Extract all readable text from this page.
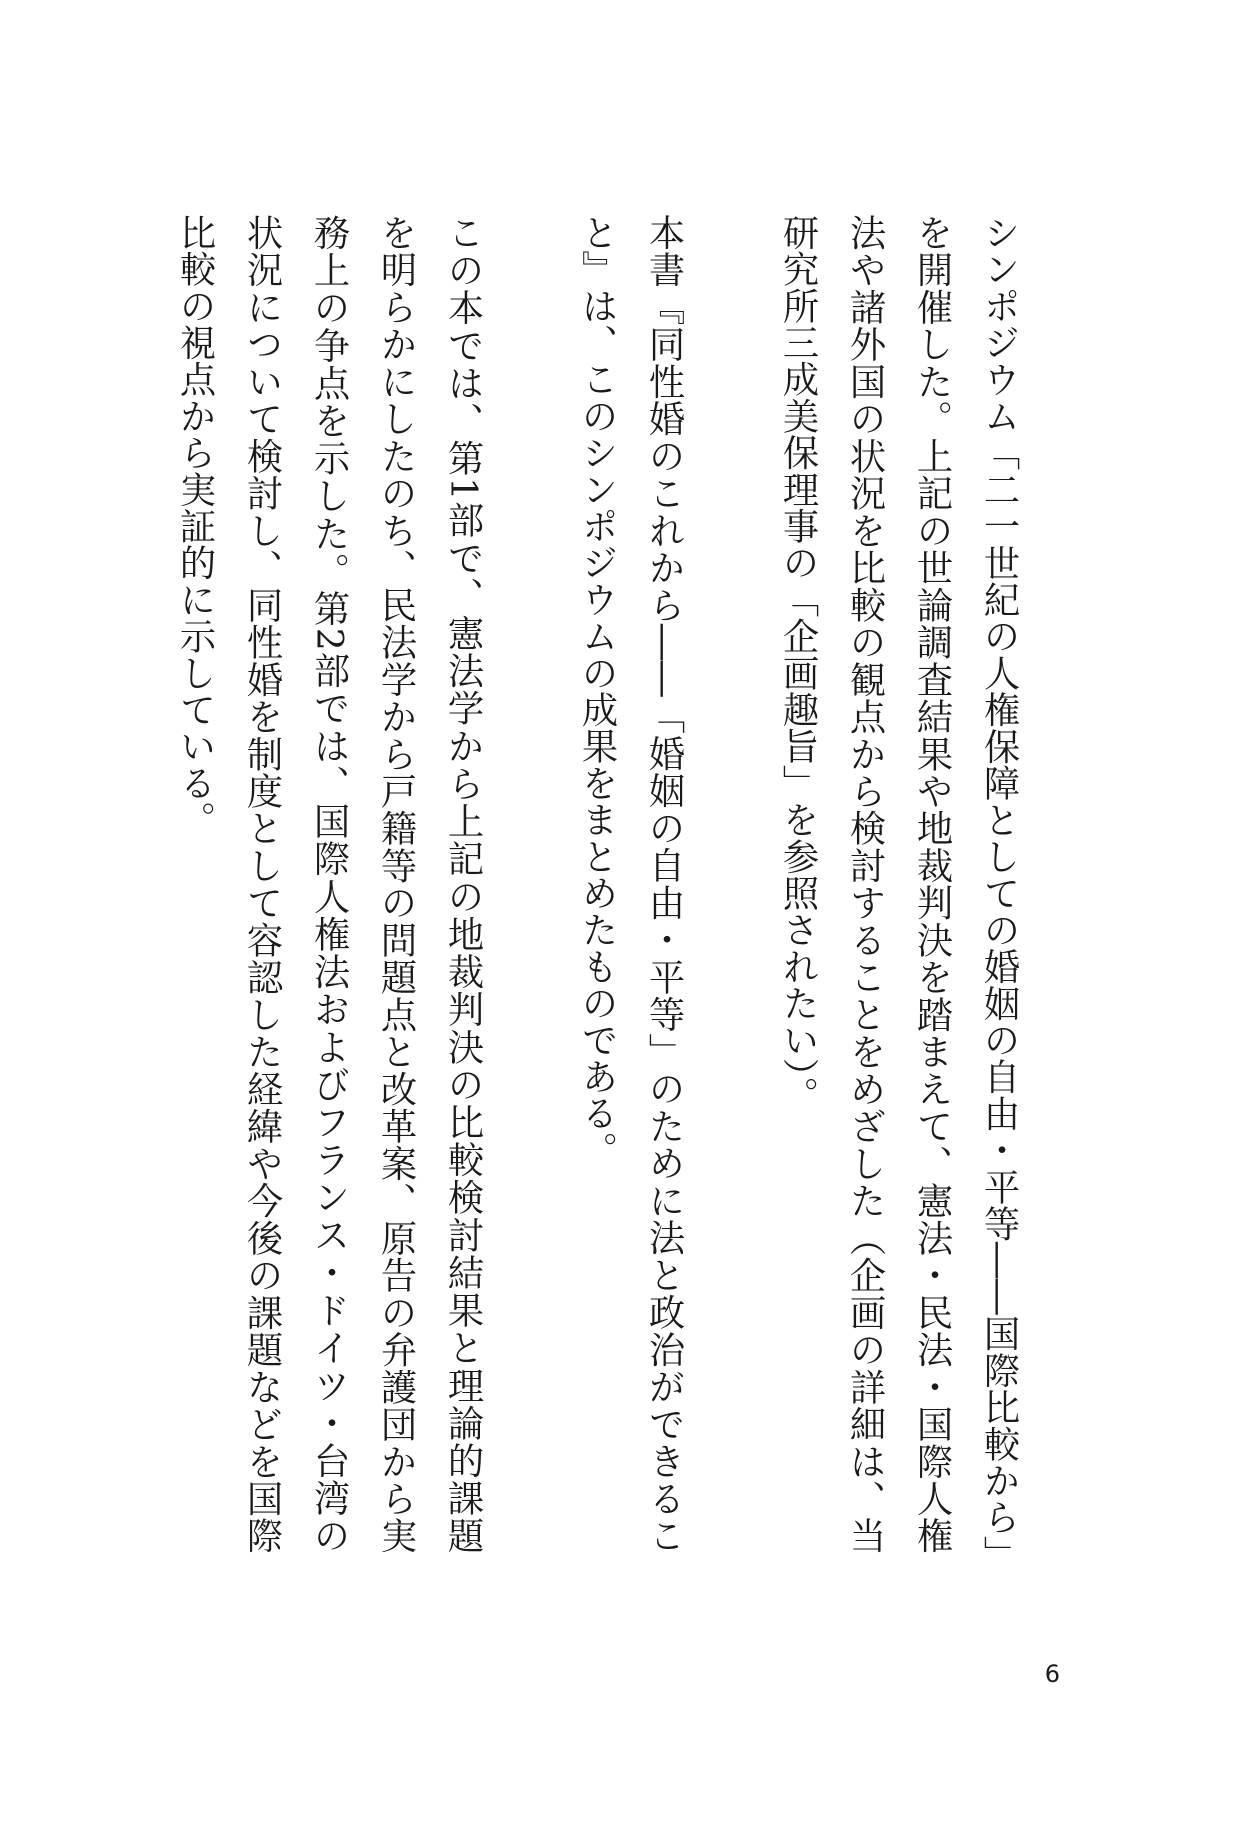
シンポジウム「二一世紀の人権保障としての婚姻の自由・平等――国際比較から」を開催した。上記の世論調査結果や地裁判決を踏まえて、憲法・民法・国際人権法や諸外国の状況を比較の観点から検討することをめざした（企画の詳細は、当研究所三成美保理事の「企画趣旨」を参照されたい）。

本書『同性婚のこれから――「婚姻の自由・平等」のために法と政治ができること』は、このシンポジウムの成果をまとめたものである。

この本では、第1部で、憲法学から上記の地裁判決の比較検討結果と理論的課題を明らかにしたのち、民法学から戸籍等の問題点と改革案、原告の弁護団から実務上の争点を示した。第2部では、国際人権法およびフランス・ドイツ・台湾の状況について検討し、同性婚を制度として容認した経緯や今後の課題などを国際比較の視点から実証的に示している。

6
